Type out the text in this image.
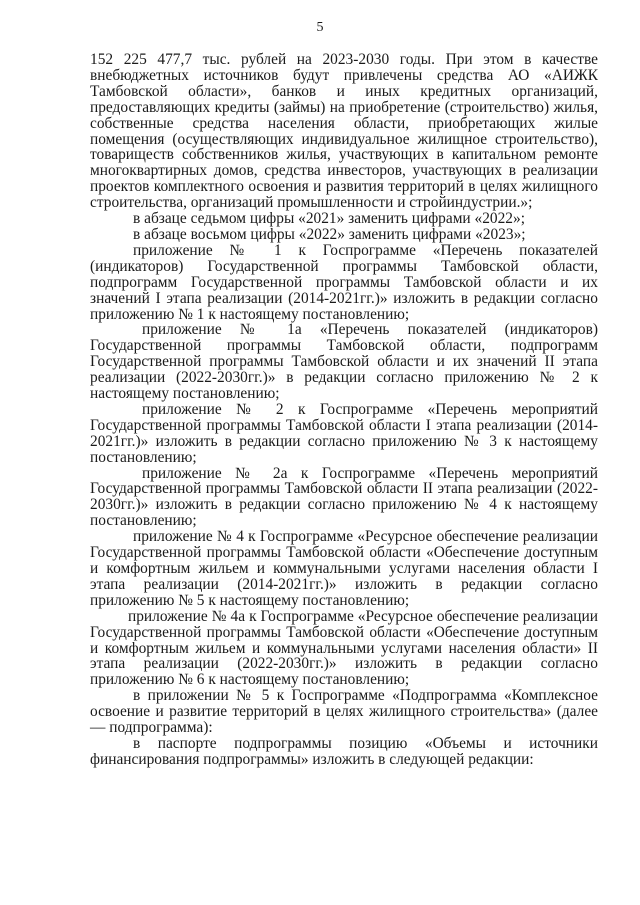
5

152 225 477,7 тыс. рублей на 2023-2030 годы. При этом в качестве внебюджетных источников будут привлечены средства АО «АИЖК Тамбовской области», банков и иных кредитных организаций, предоставляющих кредиты (займы) на приобретение (строительство) жилья, собственные средства населения области, приобретающих жилые помещения (осуществляющих индивидуальное жилищное строительство), товариществ собственников жилья, участвующих в капитальном ремонте многоквартирных домов, средства инвесторов, участвующих в реализации проектов комплектного освоения и развития территорий в целях жилищного строительства, организаций промышленности и стройиндустрии.»;

в абзаце седьмом цифры «2021» заменить цифрами «2022»;

в абзаце восьмом цифры «2022» заменить цифрами «2023»;

приложение № 1 к Госпрограмме «Перечень показателей (индикаторов) Государственной программы Тамбовской области, подпрограмм Государственной программы Тамбовской области и их значений I этапа реализации (2014-2021гг.)» изложить в редакции согласно приложению № 1 к настоящему постановлению;

приложение № 1а «Перечень показателей (индикаторов) Государственной программы Тамбовской области, подпрограмм Государственной программы Тамбовской области и их значений II этапа реализации (2022-2030гг.)» в редакции согласно приложению № 2 к настоящему постановлению;

приложение № 2 к Госпрограмме «Перечень мероприятий Государственной программы Тамбовской области I этапа реализации (2014-2021гг.)» изложить в редакции согласно приложению № 3 к настоящему постановлению;

приложение № 2а к Госпрограмме «Перечень мероприятий Государственной программы Тамбовской области II этапа реализации (2022-2030гг.)» изложить в редакции согласно приложению № 4 к настоящему постановлению;

приложение № 4 к Госпрограмме «Ресурсное обеспечение реализации Государственной программы Тамбовской области «Обеспечение доступным и комфортным жильем и коммунальными услугами населения области I этапа реализации (2014-2021гг.)» изложить в редакции согласно приложению № 5 к настоящему постановлению;

приложение № 4а к Госпрограмме «Ресурсное обеспечение реализации Государственной программы Тамбовской области «Обеспечение доступным и комфортным жильем и коммунальными услугами населения области» II этапа реализации (2022-2030гг.)» изложить в редакции согласно приложению № 6 к настоящему постановлению;

в приложении № 5 к Госпрограмме «Подпрограмма «Комплексное освоение и развитие территорий в целях жилищного строительства» (далее — подпрограмма):

в паспорте подпрограммы позицию «Объемы и источники финансирования подпрограммы» изложить в следующей редакции:
